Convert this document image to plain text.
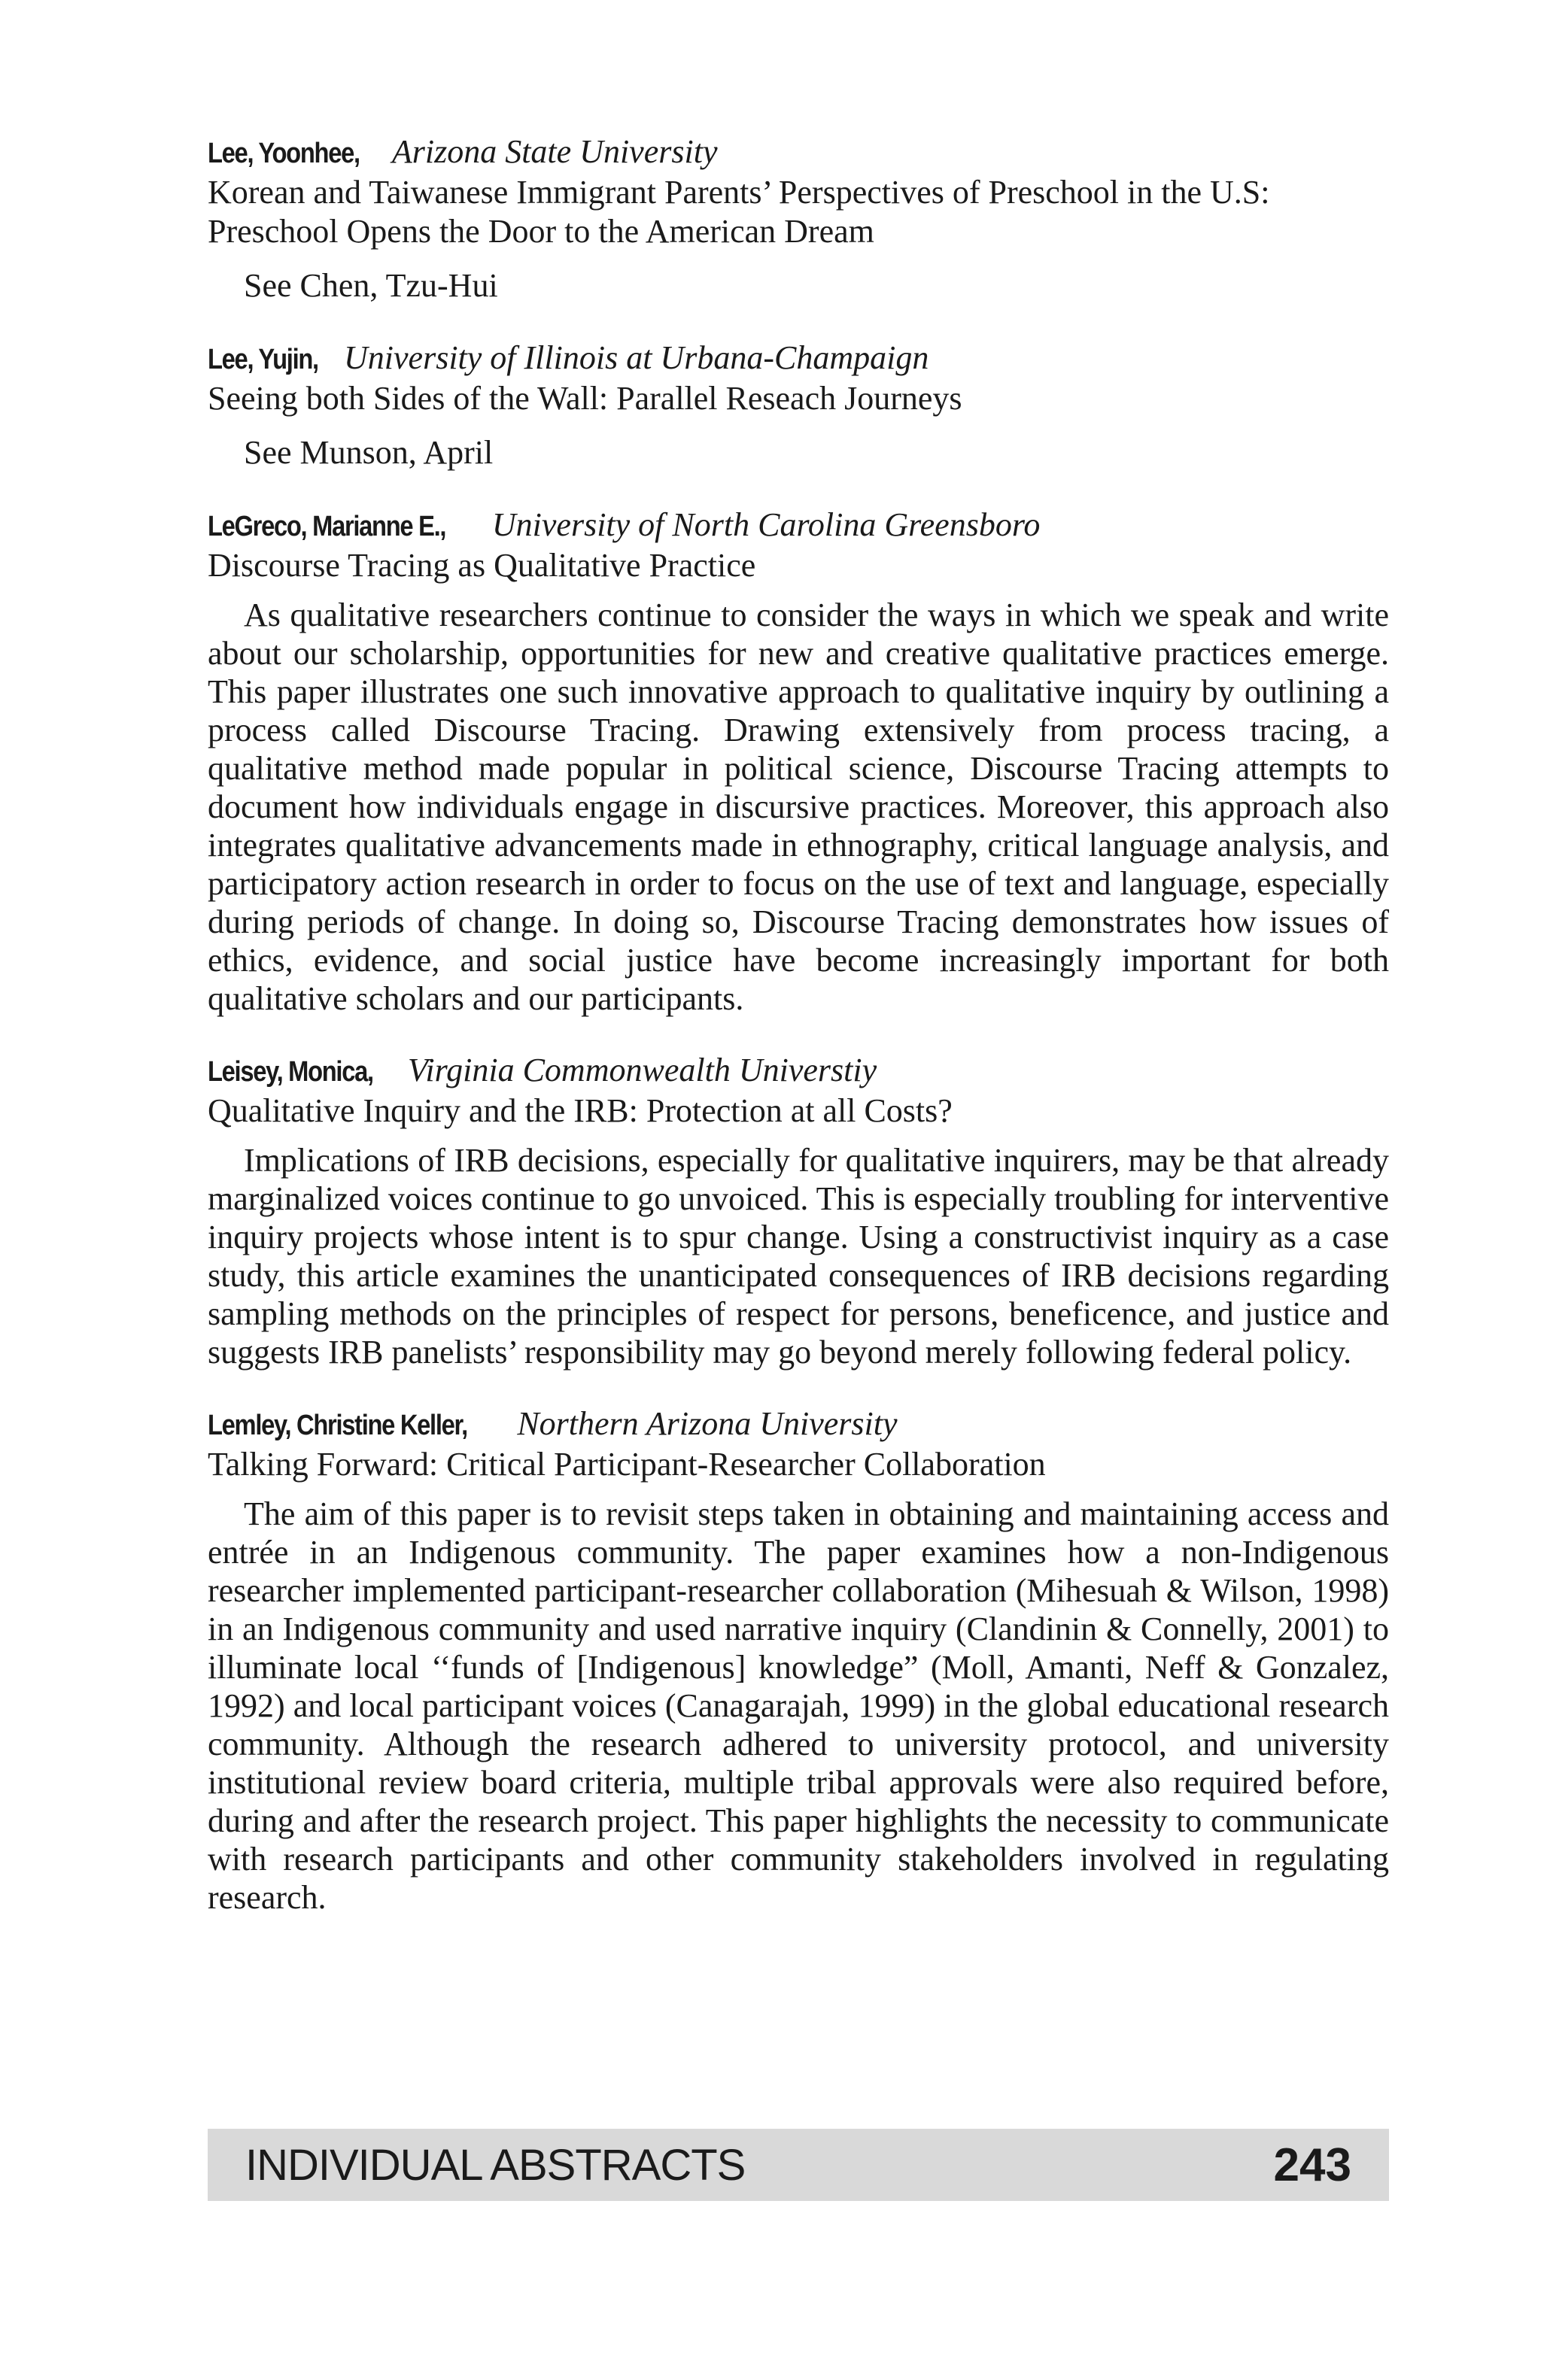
Lee, Yoonhee, Arizona State University
Korean and Taiwanese Immigrant Parents’ Perspectives of Preschool in the U.S: Preschool Opens the Door to the American Dream
See Chen, Tzu-Hui
Lee, Yujin, University of Illinois at Urbana-Champaign
Seeing both Sides of the Wall: Parallel Reseach Journeys
See Munson, April
LeGreco, Marianne E., University of North Carolina Greensboro
Discourse Tracing as Qualitative Practice
As qualitative researchers continue to consider the ways in which we speak and write about our scholarship, opportunities for new and creative qualitative practices emerge. This paper illustrates one such innovative approach to qualitative inquiry by outlining a process called Discourse Tracing. Drawing extensively from process tracing, a qualitative method made popular in political science, Discourse Tracing attempts to document how individuals engage in discursive practices. Moreover, this approach also integrates qualitative advancements made in ethnography, critical language analysis, and participatory action research in order to focus on the use of text and language, especially during periods of change. In doing so, Discourse Tracing demonstrates how issues of ethics, evidence, and social justice have become increasingly important for both qualitative scholars and our participants.
Leisey, Monica, Virginia Commonwealth Universtiy
Qualitative Inquiry and the IRB: Protection at all Costs?
Implications of IRB decisions, especially for qualitative inquirers, may be that already marginalized voices continue to go unvoiced. This is especially troubling for interventive inquiry projects whose intent is to spur change. Using a constructivist inquiry as a case study, this article examines the unanticipated consequences of IRB decisions regarding sampling methods on the principles of respect for persons, beneficence, and justice and suggests IRB panelists’ responsibility may go beyond merely following federal policy.
Lemley, Christine Keller, Northern Arizona University
Talking Forward: Critical Participant-Researcher Collaboration
The aim of this paper is to revisit steps taken in obtaining and maintaining access and entrée in an Indigenous community. The paper examines how a non-Indigenous researcher implemented participant-researcher collaboration (Mihesuah & Wilson, 1998) in an Indigenous community and used narrative inquiry (Clandinin & Connelly, 2001) to illuminate local ‘‘funds of [Indigenous] knowledge” (Moll, Amanti, Neff & Gonzalez, 1992) and local participant voices (Canagarajah, 1999) in the global educational research community. Although the research adhered to university protocol, and university institutional review board criteria, multiple tribal approvals were also required before, during and after the research project. This paper highlights the necessity to communicate with research participants and other community stakeholders involved in regulating research.
INDIVIDUAL ABSTRACTS	243
